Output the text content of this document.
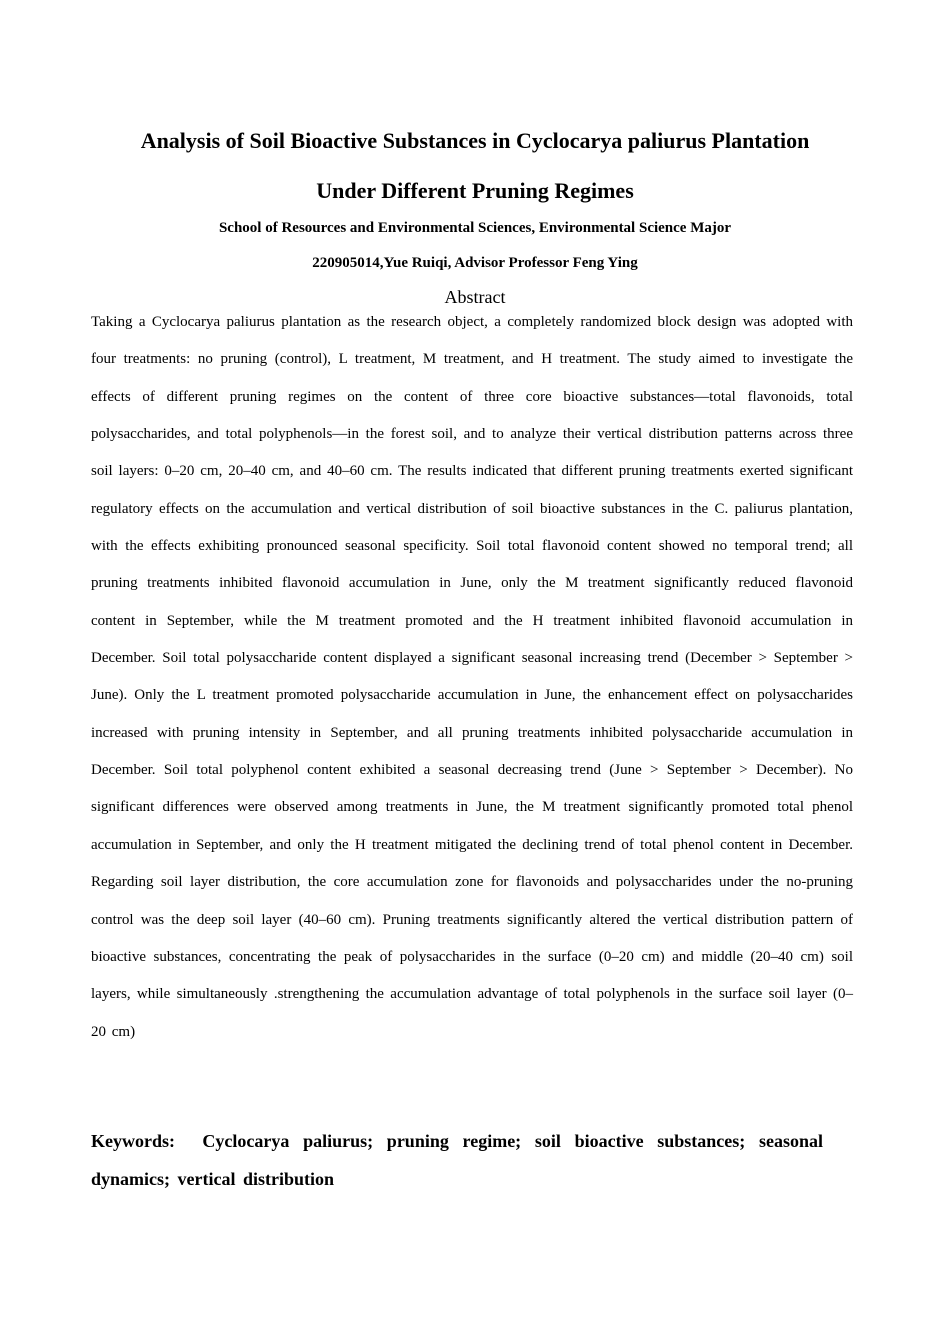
Analysis of Soil Bioactive Substances in Cyclocarya paliurus Plantation
Under Different Pruning Regimes
School of Resources and Environmental Sciences, Environmental Science Major
220905014,Yue Ruiqi, Advisor Professor Feng Ying
Abstract
Taking a Cyclocarya paliurus plantation as the research object, a completely randomized block design was adopted with four treatments: no pruning (control), L treatment, M treatment, and H treatment. The study aimed to investigate the effects of different pruning regimes on the content of three core bioactive substances—total flavonoids, total polysaccharides, and total polyphenols—in the forest soil, and to analyze their vertical distribution patterns across three soil layers: 0–20 cm, 20–40 cm, and 40–60 cm. The results indicated that different pruning treatments exerted significant regulatory effects on the accumulation and vertical distribution of soil bioactive substances in the C. paliurus plantation, with the effects exhibiting pronounced seasonal specificity. Soil total flavonoid content showed no temporal trend; all pruning treatments inhibited flavonoid accumulation in June, only the M treatment significantly reduced flavonoid content in September, while the M treatment promoted and the H treatment inhibited flavonoid accumulation in December. Soil total polysaccharide content displayed a significant seasonal increasing trend (December > September > June). Only the L treatment promoted polysaccharide accumulation in June, the enhancement effect on polysaccharides increased with pruning intensity in September, and all pruning treatments inhibited polysaccharide accumulation in December. Soil total polyphenol content exhibited a seasonal decreasing trend (June > September > December). No significant differences were observed among treatments in June, the M treatment significantly promoted total phenol accumulation in September, and only the H treatment mitigated the declining trend of total phenol content in December. Regarding soil layer distribution, the core accumulation zone for flavonoids and polysaccharides under the no-pruning control was the deep soil layer (40–60 cm). Pruning treatments significantly altered the vertical distribution pattern of bioactive substances, concentrating the peak of polysaccharides in the surface (0–20 cm) and middle (20–40 cm) soil layers, while simultaneously .strengthening the accumulation advantage of total polyphenols in the surface soil layer (0–20 cm)
Keywords: Cyclocarya paliurus; pruning regime; soil bioactive substances; seasonal dynamics; vertical distribution
